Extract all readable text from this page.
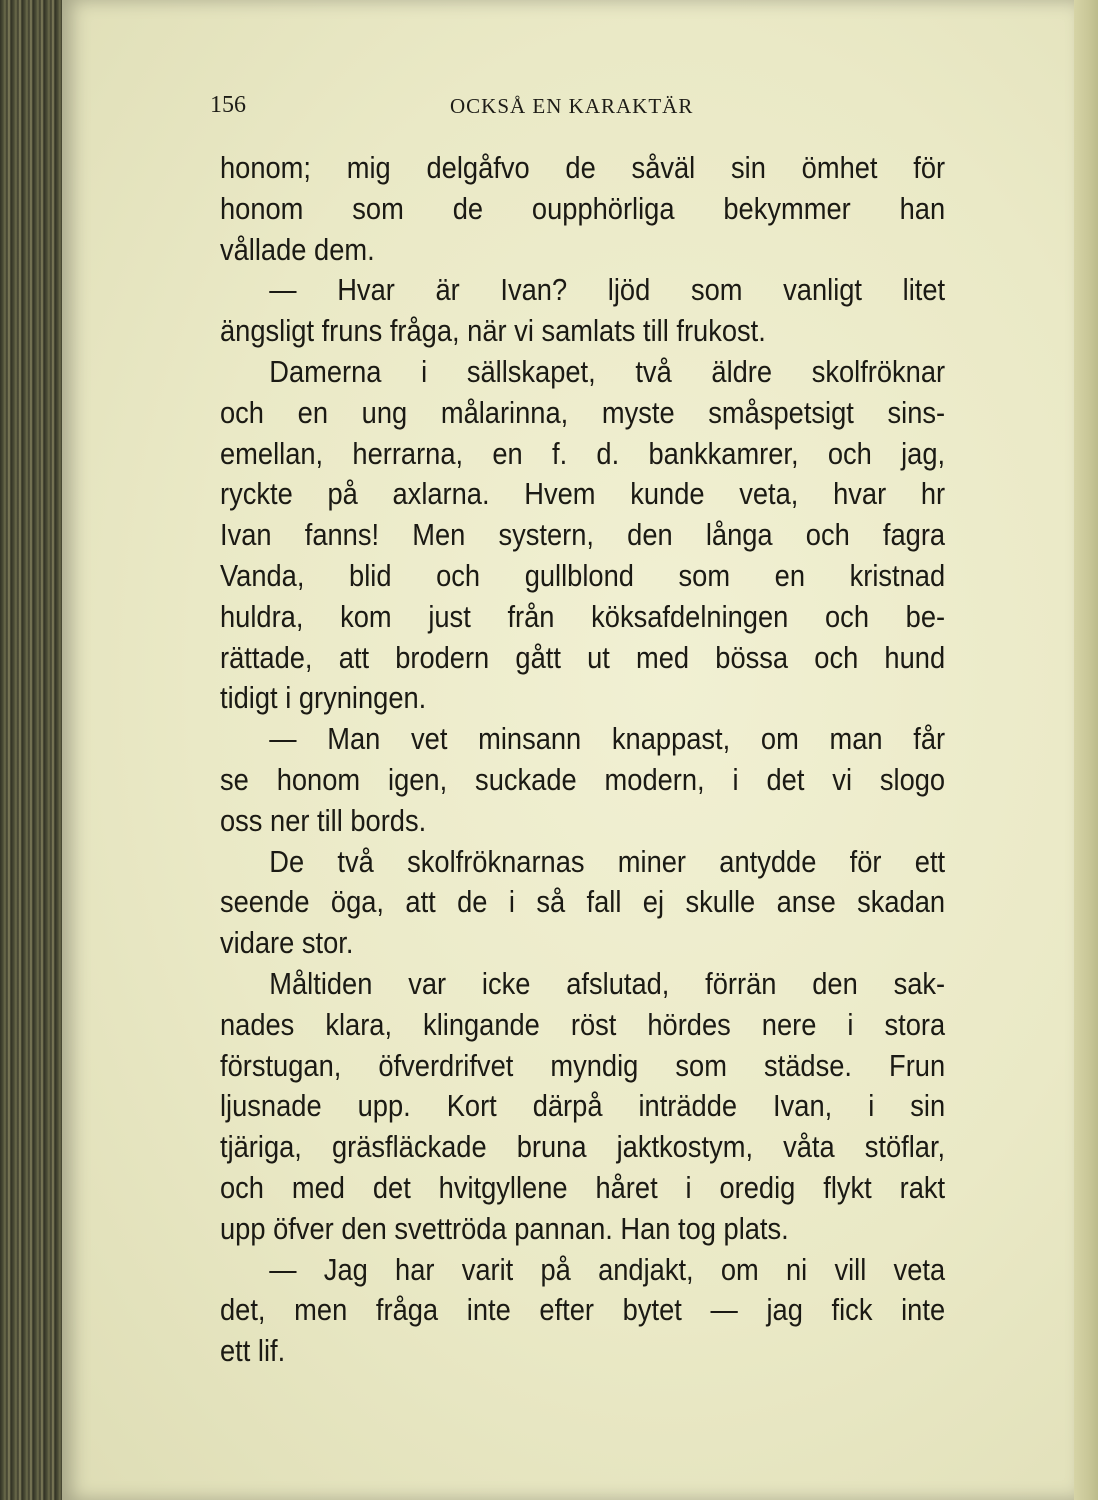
156	OCKSÅ EN KARAKTÄR
honom; mig delgåfvo de såväl sin ömhet för
honom som de oupphörliga bekymmer han
vållade dem.
— Hvar är Ivan? ljöd som vanligt litet
ängsligt fruns fråga, när vi samlats till frukost.
Damerna i sällskapet, två äldre skolfröknar
och en ung målarinna, myste småspetsigt sins-
emellan, herrarna, en f. d. bankkamrer, och jag,
ryckte på axlarna. Hvem kunde veta, hvar hr
Ivan fanns! Men systern, den långa och fagra
Vanda, blid och gullblond som en kristnad
huldra, kom just från köksafdelningen och be-
rättade, att brodern gått ut med bössa och hund
tidigt i gryningen.
— Man vet minsann knappast, om man får
se honom igen, suckade modern, i det vi slogo
oss ner till bords.
De två skolfröknarnas miner antydde för ett
seende öga, att de i så fall ej skulle anse skadan
vidare stor.
Måltiden var icke afslutad, förrän den sak-
nades klara, klingande röst hördes nere i stora
förstugan, öfverdrifvet myndig som städse. Frun
ljusnade upp. Kort därpå inträdde Ivan, i sin
tjäriga, gräsfläckade bruna jaktkostym, våta stöflar,
och med det hvitgyllene håret i oredig flykt rakt
upp öfver den svettröda pannan. Han tog plats.
— Jag har varit på andjakt, om ni vill veta
det, men fråga inte efter bytet — jag fick inte
ett lif.
